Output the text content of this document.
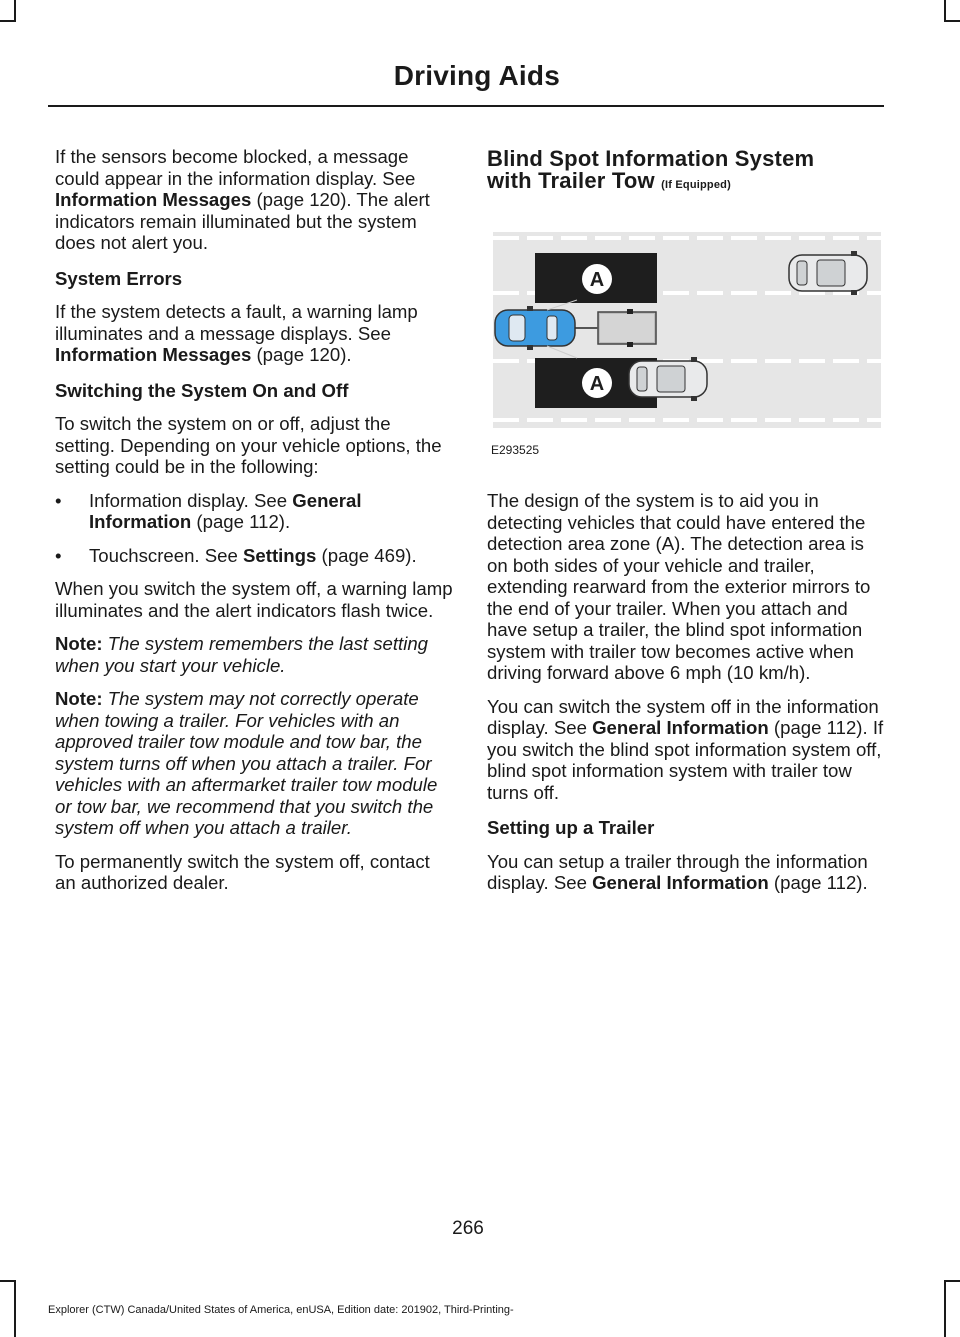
Driving Aids

If the sensors become blocked, a message could appear in the information display. See Information Messages (page 120). The alert indicators remain illuminated but the system does not alert you.

System Errors

If the system detects a fault, a warning lamp illuminates and a message displays. See Information Messages (page 120).

Switching the System On and Off

To switch the system on or off, adjust the setting. Depending on your vehicle options, the setting could be in the following:

• Information display. See General Information (page 112).
• Touchscreen. See Settings (page 469).

When you switch the system off, a warning lamp illuminates and the alert indicators flash twice.

Note: The system remembers the last setting when you start your vehicle.

Note: The system may not correctly operate when towing a trailer. For vehicles with an approved trailer tow module and tow bar, the system turns off when you attach a trailer. For vehicles with an aftermarket trailer tow module or tow bar, we recommend that you switch the system off when you attach a trailer.

To permanently switch the system off, contact an authorized dealer.

Blind Spot Information System
with Trailer Tow (If Equipped)
A
A
E293525

The design of the system is to aid you in detecting vehicles that could have entered the detection area zone (A). The detection area is on both sides of your vehicle and trailer, extending rearward from the exterior mirrors to the end of your trailer. When you attach and have setup a trailer, the blind spot information system with trailer tow becomes active when driving forward above 6 mph (10 km/h).

You can switch the system off in the information display. See General Information (page 112). If you switch the blind spot information system off, blind spot information system with trailer tow turns off.

Setting up a Trailer

You can setup a trailer through the information display. See General Information (page 112).

266
Explorer (CTW) Canada/United States of America, enUSA, Edition date: 201902, Third-Printing-
